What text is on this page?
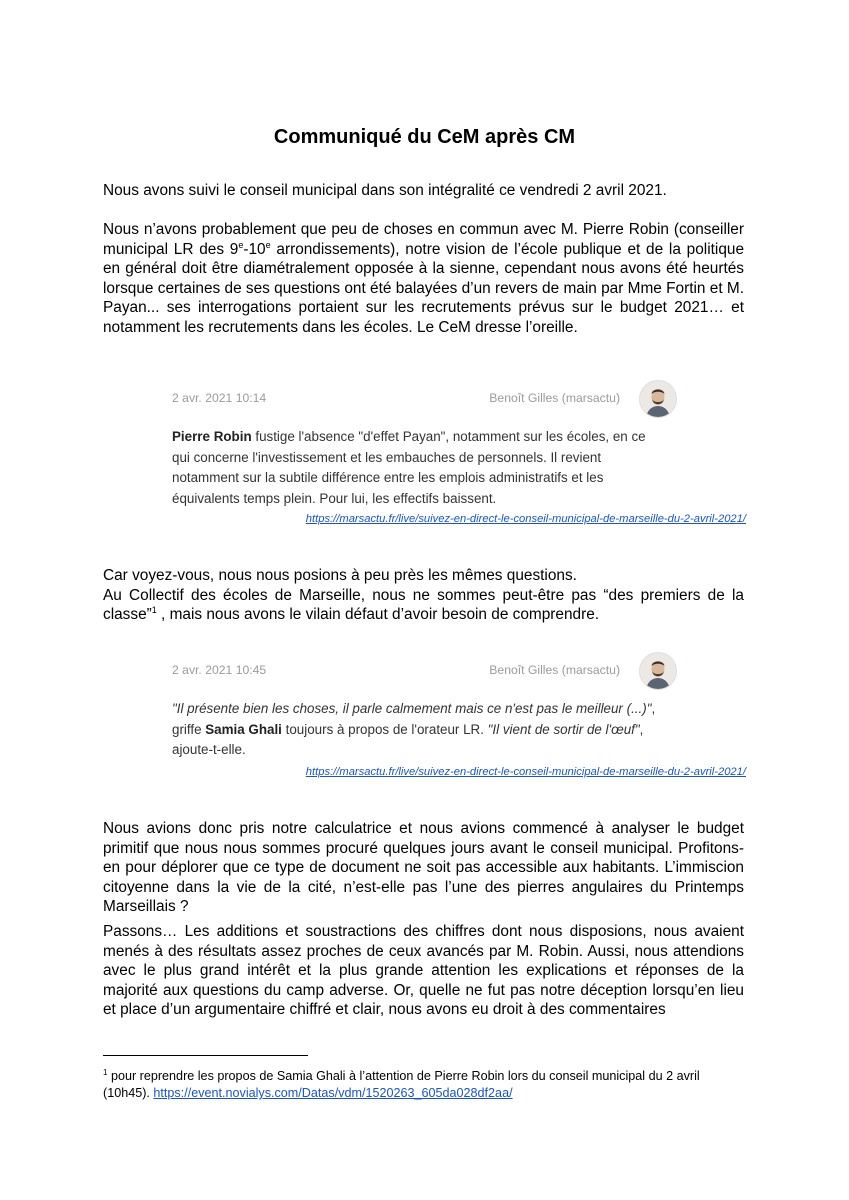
Communiqué du CeM après CM

Nous avons suivi le conseil municipal dans son intégralité ce vendredi 2 avril 2021.

Nous n’avons probablement que peu de choses en commun avec M. Pierre Robin (conseiller municipal LR des 9e-10e arrondissements), notre vision de l’école publique et de la politique en général doit être diamétralement opposée à la sienne, cependant nous avons été heurtés lorsque certaines de ses questions ont été balayées d’un revers de main par Mme Fortin et M. Payan... ses interrogations portaient sur les recrutements prévus sur le budget 2021… et notamment les recrutements dans les écoles. Le CeM dresse l’oreille.

2 avr. 2021 10:14	Benoît Gilles (marsactu)
Pierre Robin fustige l'absence "d'effet Payan", notamment sur les écoles, en ce qui concerne l'investissement et les embauches de personnels. Il revient notamment sur la subtile différence entre les emplois administratifs et les équivalents temps plein. Pour lui, les effectifs baissent.
https://marsactu.fr/live/suivez-en-direct-le-conseil-municipal-de-marseille-du-2-avril-2021/

Car voyez-vous, nous nous posions à peu près les mêmes questions.
Au Collectif des écoles de Marseille, nous ne sommes peut-être pas “des premiers de la classe”$^1$ , mais nous avons le vilain défaut d’avoir besoin de comprendre.

2 avr. 2021 10:45	Benoît Gilles (marsactu)
"Il présente bien les choses, il parle calmement mais ce n'est pas le meilleur (...)", griffe Samia Ghali toujours à propos de l'orateur LR. "Il vient de sortir de l'œuf", ajoute-t-elle.
https://marsactu.fr/live/suivez-en-direct-le-conseil-municipal-de-marseille-du-2-avril-2021/

Nous avions donc pris notre calculatrice et nous avions commencé à analyser le budget primitif que nous nous sommes procuré quelques jours avant le conseil municipal. Profitons-en pour déplorer que ce type de document ne soit pas accessible aux habitants. L’immiscion citoyenne dans la vie de la cité, n’est-elle pas l’une des pierres angulaires du Printemps Marseillais ?

Passons… Les additions et soustractions des chiffres dont nous disposions, nous avaient menés à des résultats assez proches de ceux avancés par M. Robin. Aussi, nous attendions avec le plus grand intérêt et la plus grande attention les explications et réponses de la majorité aux questions du camp adverse. Or, quelle ne fut pas notre déception lorsqu’en lieu et place d’un argumentaire chiffré et clair, nous avons eu droit à des commentaires

$^1$ pour reprendre les propos de Samia Ghali à l’attention de Pierre Robin lors du conseil municipal du 2 avril (10h45). https://event.novialys.com/Datas/vdm/1520263_605da028df2aa/
